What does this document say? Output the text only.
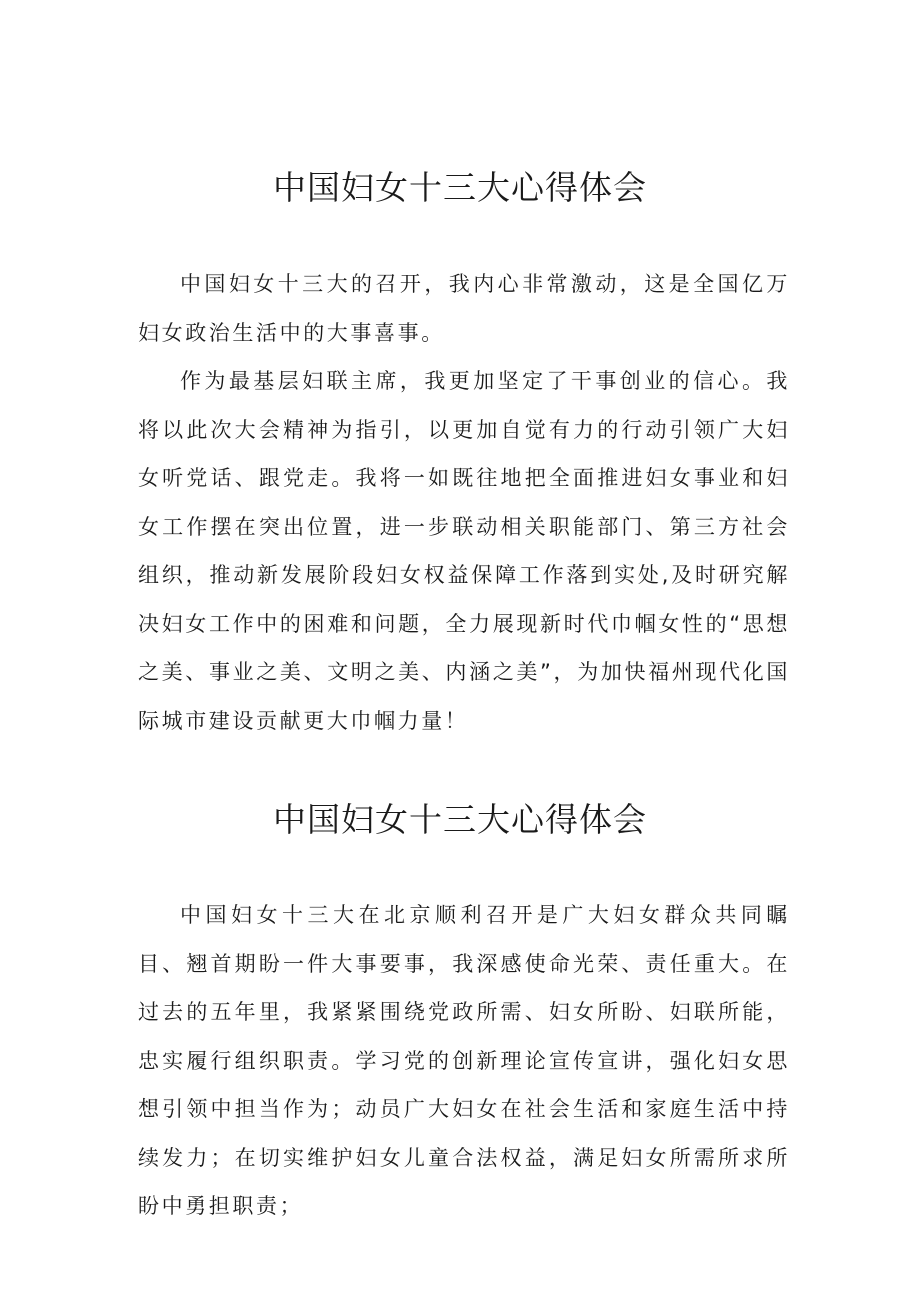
中国妇女十三大心得体会

中国妇女十三大的召开，我内心非常激动，这是全国亿万妇女政治生活中的大事喜事。

作为最基层妇联主席，我更加坚定了干事创业的信心。我将以此次大会精神为指引，以更加自觉有力的行动引领广大妇女听党话、跟党走。我将一如既往地把全面推进妇女事业和妇女工作摆在突出位置，进一步联动相关职能部门、第三方社会组织，推动新发展阶段妇女权益保障工作落到实处,及时研究解决妇女工作中的困难和问题，全力展现新时代巾帼女性的“思想之美、事业之美、文明之美、内涵之美”，为加快福州现代化国际城市建设贡献更大巾帼力量！

中国妇女十三大心得体会

中国妇女十三大在北京顺利召开是广大妇女群众共同瞩目、翘首期盼一件大事要事，我深感使命光荣、责任重大。在过去的五年里，我紧紧围绕党政所需、妇女所盼、妇联所能，忠实履行组织职责。学习党的创新理论宣传宣讲，强化妇女思想引领中担当作为；动员广大妇女在社会生活和家庭生活中持续发力；在切实维护妇女儿童合法权益，满足妇女所需所求所盼中勇担职责；
